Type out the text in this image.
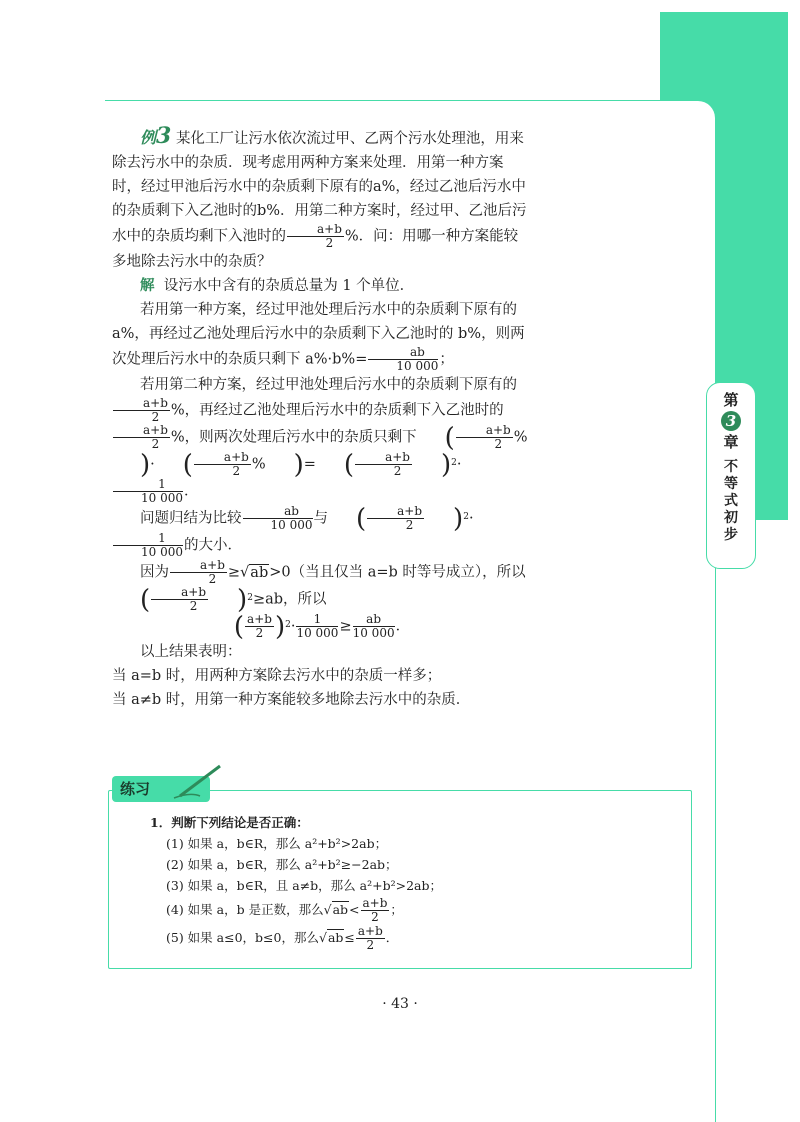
第
3
章
不
等
式
初
步

例3 某化工厂让污水依次流过甲、乙两个污水处理池，用来除去污水中的杂质．现考虑用两种方案来处理．用第一种方案时，经过甲池后污水中的杂质剩下原有的a%，经过乙池后污水中的杂质剩下入乙池时的b%．用第二种方案时，经过甲、乙池后污水中的杂质均剩下入池时的 $\frac{a+b}{2}$ %．问：用哪一种方案能较多地除去污水中的杂质？

解 设污水中含有的杂质总量为 1 个单位．

若用第一种方案，经过甲池处理后污水中的杂质剩下原有的 a%，再经过乙池处理后污水中的杂质剩下入乙池时的 b%，则两次处理后污水中的杂质只剩下 $a\%\cdot b\%= \frac{ab}{10 000}$ ；

若用第二种方案，经过甲池处理后污水中的杂质剩下原有的
$\frac{a+b}{2}$ %，再经过乙池处理后污水中的杂质剩下入乙池时的
$\frac{a+b}{2}$ %，则两次处理后污水中的杂质只剩下 ( $\frac{a+b}{2}$ %)· ( $\frac{a+b}{2}$ % )= ( $\frac{a+b}{2} )^2\cdot$
$\frac{1}{10 000}$ ．

问题归结为比较 $\frac{ab}{10 000}$ 与 ( $\frac{a+b}{2} )^2\cdot$
$\frac{1}{10 000}$ 的大小．

因为 $\frac{a+b}{2} \ge√ab>0$（当且仅当 a=b 时等号成立），所以( $\frac{a+b}{2} )^2\ge ab$，所以

( $\frac{a+b}{2} )^2\cdot \frac{1}{10 000} \ge \frac{ab}{10 000}$ ．

以上结果表明：

当 a=b 时，用两种方案除去污水中的杂质一样多；

当 a≠b 时，用第一种方案能较多地除去污水中的杂质．

练习

1．判断下列结论是否正确：

(1) 如果 a，b∈R，那么 a²+b²>2ab；

(2) 如果 a，b∈R，那么 a²+b²≥−2ab；

(3) 如果 a，b∈R，且 a≠b，那么 a²+b²>2ab；

(4) 如果 a，b 是正数，那么$√ab< \frac{a+b}{2}$ ；

(5) 如果 a≤0，b≤0，那么$√ab\le \frac{a+b}{2}$ ．

· 43 ·
